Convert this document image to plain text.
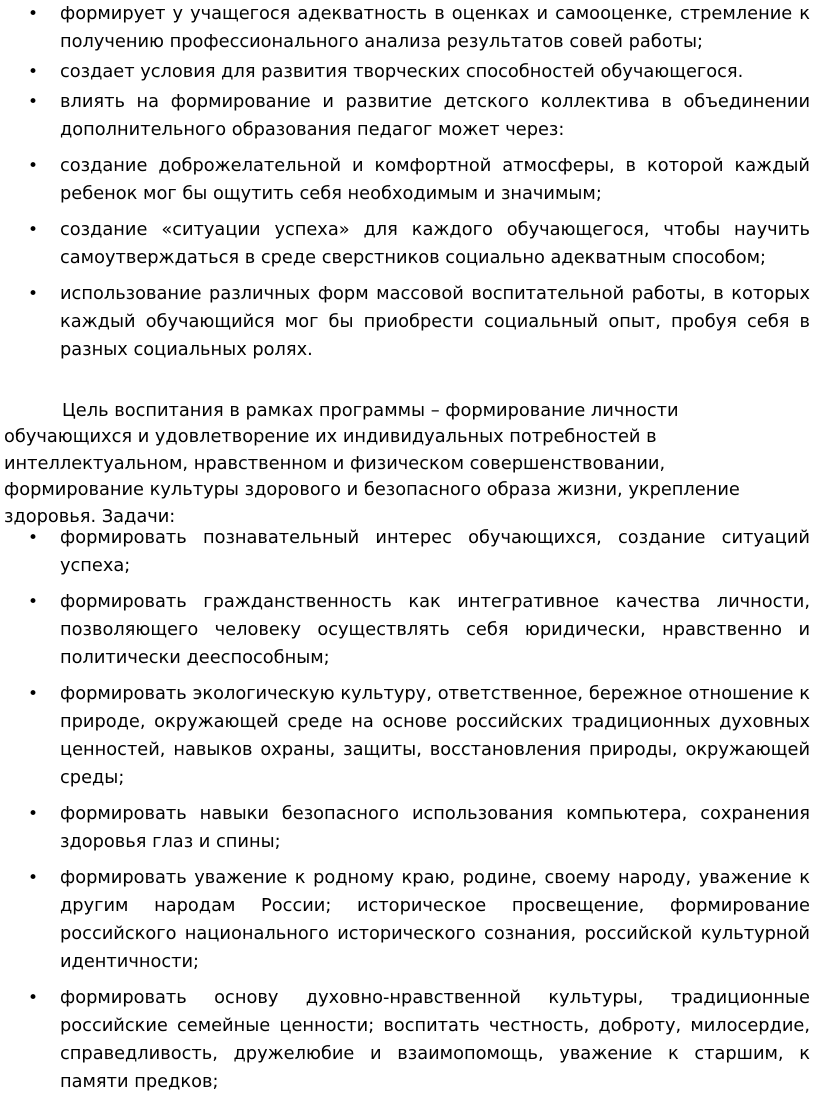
• формирует у учащегося адекватность в оценках и самооценке, стремление к получению профессионального анализа результатов совей работы;
• создает условия для развития творческих способностей обучающегося.
• влиять на формирование и развитие детского коллектива в объединении дополнительного образования педагог может через:
• создание доброжелательной и комфортной атмосферы, в которой каждый ребенок мог бы ощутить себя необходимым и значимым;
• создание «ситуации успеха» для каждого обучающегося, чтобы научить самоутверждаться в среде сверстников социально адекватным способом;
• использование различных форм массовой воспитательной работы, в которых каждый обучающийся мог бы приобрести социальный опыт, пробуя себя в разных социальных ролях.

Цель воспитания в рамках программы – формирование личности обучающихся и удовлетворение их индивидуальных потребностей в интеллектуальном, нравственном и физическом совершенствовании, формирование культуры здорового и безопасного образа жизни, укрепление здоровья. Задачи:

• формировать познавательный интерес обучающихся, создание ситуаций успеха;
• формировать гражданственность как интегративное качества личности, позволяющего человеку осуществлять себя юридически, нравственно и политически дееспособным;
• формировать экологическую культуру, ответственное, бережное отношение к природе, окружающей среде на основе российских традиционных духовных ценностей, навыков охраны, защиты, восстановления природы, окружающей среды;
• формировать навыки безопасного использования компьютера, сохранения здоровья глаз и спины;
• формировать уважение к родному краю, родине, своему народу, уважение к другим народам России; историческое просвещение, формирование российского национального исторического сознания, российской культурной идентичности;
• формировать основу духовно-нравственной культуры, традиционные российские семейные ценности; воспитать честность, доброту, милосердие, справедливость, дружелюбие и взаимопомощь, уважение к старшим, к памяти предков;
